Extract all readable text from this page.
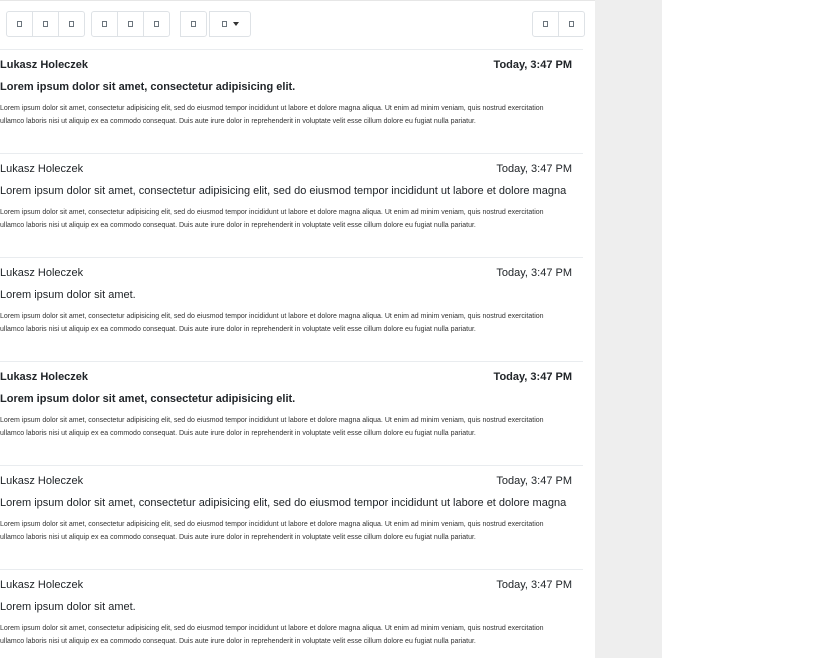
Lukasz Holeczek	Today, 3:47 PM
Lorem ipsum dolor sit amet, consectetur adipisicing elit.
Lorem ipsum dolor sit amet, consectetur adipisicing elit, sed do eiusmod tempor incididunt ut labore et dolore magna aliqua. Ut enim ad minim veniam, quis nostrud exercitation ullamco laboris nisi ut aliquip ex ea commodo consequat. Duis aute irure dolor in reprehenderit in voluptate velit esse cillum dolore eu fugiat nulla pariatur.
Lukasz Holeczek	Today, 3:47 PM
Lorem ipsum dolor sit amet, consectetur adipisicing elit, sed do eiusmod tempor incididunt ut labore et dolore magna
Lorem ipsum dolor sit amet, consectetur adipisicing elit, sed do eiusmod tempor incididunt ut labore et dolore magna aliqua. Ut enim ad minim veniam, quis nostrud exercitation ullamco laboris nisi ut aliquip ex ea commodo consequat. Duis aute irure dolor in reprehenderit in voluptate velit esse cillum dolore eu fugiat nulla pariatur.
Lukasz Holeczek	Today, 3:47 PM
Lorem ipsum dolor sit amet.
Lorem ipsum dolor sit amet, consectetur adipisicing elit, sed do eiusmod tempor incididunt ut labore et dolore magna aliqua. Ut enim ad minim veniam, quis nostrud exercitation ullamco laboris nisi ut aliquip ex ea commodo consequat. Duis aute irure dolor in reprehenderit in voluptate velit esse cillum dolore eu fugiat nulla pariatur.
Lukasz Holeczek	Today, 3:47 PM
Lorem ipsum dolor sit amet, consectetur adipisicing elit.
Lorem ipsum dolor sit amet, consectetur adipisicing elit, sed do eiusmod tempor incididunt ut labore et dolore magna aliqua. Ut enim ad minim veniam, quis nostrud exercitation ullamco laboris nisi ut aliquip ex ea commodo consequat. Duis aute irure dolor in reprehenderit in voluptate velit esse cillum dolore eu fugiat nulla pariatur.
Lukasz Holeczek	Today, 3:47 PM
Lorem ipsum dolor sit amet, consectetur adipisicing elit, sed do eiusmod tempor incididunt ut labore et dolore magna
Lorem ipsum dolor sit amet, consectetur adipisicing elit, sed do eiusmod tempor incididunt ut labore et dolore magna aliqua. Ut enim ad minim veniam, quis nostrud exercitation ullamco laboris nisi ut aliquip ex ea commodo consequat. Duis aute irure dolor in reprehenderit in voluptate velit esse cillum dolore eu fugiat nulla pariatur.
Lukasz Holeczek	Today, 3:47 PM
Lorem ipsum dolor sit amet.
Lorem ipsum dolor sit amet, consectetur adipisicing elit, sed do eiusmod tempor incididunt ut labore et dolore magna aliqua. Ut enim ad minim veniam, quis nostrud exercitation ullamco laboris nisi ut aliquip ex ea commodo consequat. Duis aute irure dolor in reprehenderit in voluptate velit esse cillum dolore eu fugiat nulla pariatur.
